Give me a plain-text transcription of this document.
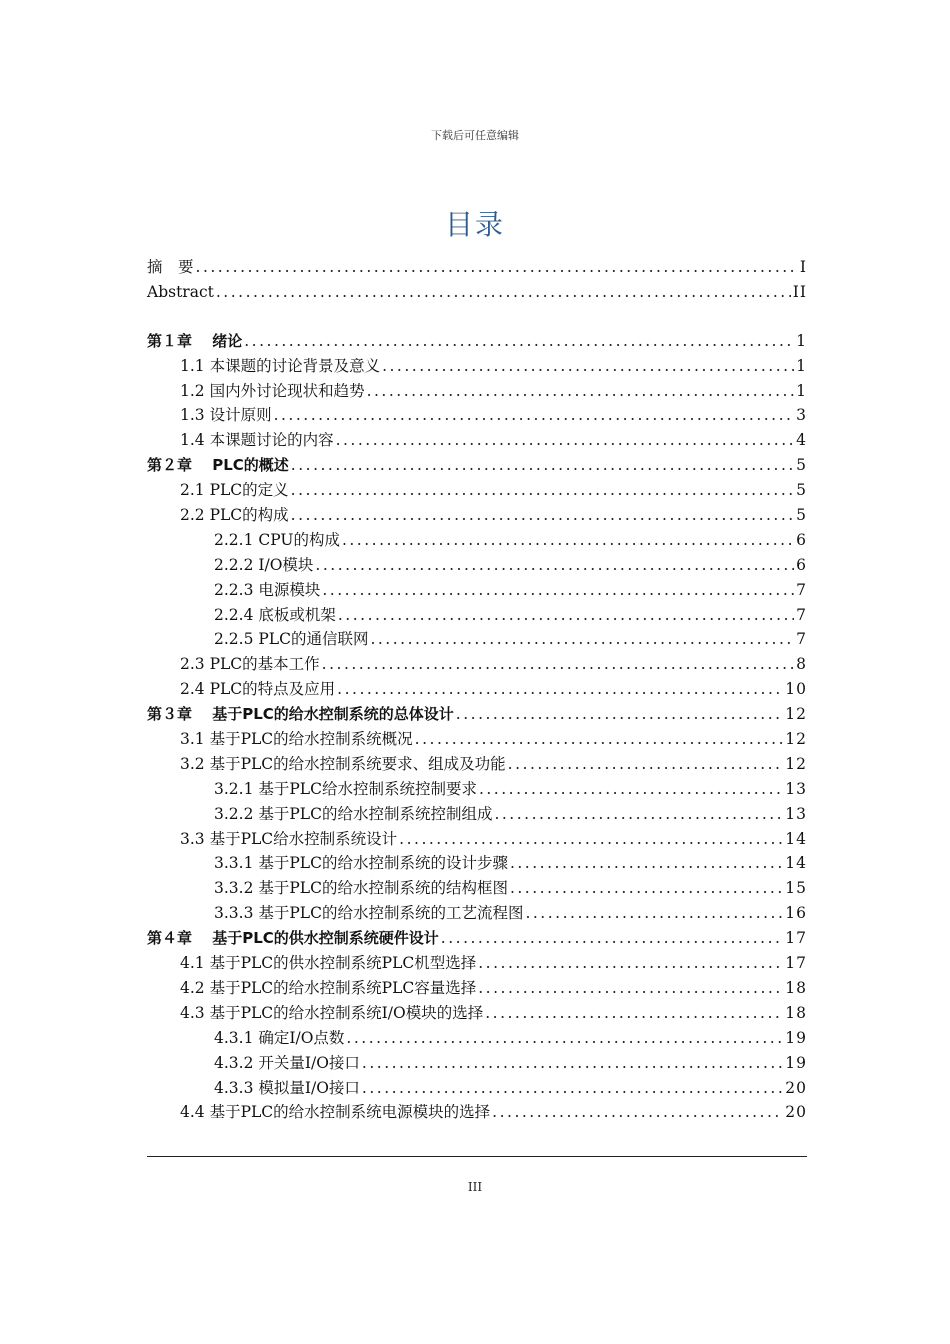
下载后可任意编辑
目录
摘　要 .....	I
Abstract .....	II
第１章　 绪论 .....	1
1.1 本课题的讨论背景及意义 .....	1
1.2 国内外讨论现状和趋势 .....	1
1.3 设计原则 .....	3
1.4 本课题讨论的内容 .....	4
第２章　 PLC的概述 .....	5
2.1 PLC的定义 .....	5
2.2 PLC的构成 .....	5
2.2.1 CPU的构成 .....	6
2.2.2 I/O模块 .....	6
2.2.3 电源模块 .....	7
2.2.4 底板或机架 .....	7
2.2.5 PLC的通信联网 .....	7
2.3 PLC的基本工作 .....	8
2.4 PLC的特点及应用 .....	10
第３章　 基于PLC的给水控制系统的总体设计 .....	12
3.1 基于PLC的给水控制系统概况 .....	12
3.2 基于PLC的给水控制系统要求、组成及功能 .....	12
3.2.1 基于PLC给水控制系统控制要求 .....	13
3.2.2 基于PLC的给水控制系统控制组成 .....	13
3.3 基于PLC给水控制系统设计 .....	14
3.3.1 基于PLC的给水控制系统的设计步骤 .....	14
3.3.2 基于PLC的给水控制系统的结构框图 .....	15
3.3.3 基于PLC的给水控制系统的工艺流程图 .....	16
第４章　 基于PLC的供水控制系统硬件设计 .....	17
4.1 基于PLC的供水控制系统PLC机型选择 .....	17
4.2 基于PLC的给水控制系统PLC容量选择 .....	18
4.3 基于PLC的给水控制系统I/O模块的选择 .....	18
4.3.1 确定I/O点数 .....	19
4.3.2 开关量I/O接口 .....	19
4.3.3 模拟量I/O接口 .....	20
4.4 基于PLC的给水控制系统电源模块的选择 .....	20
III
